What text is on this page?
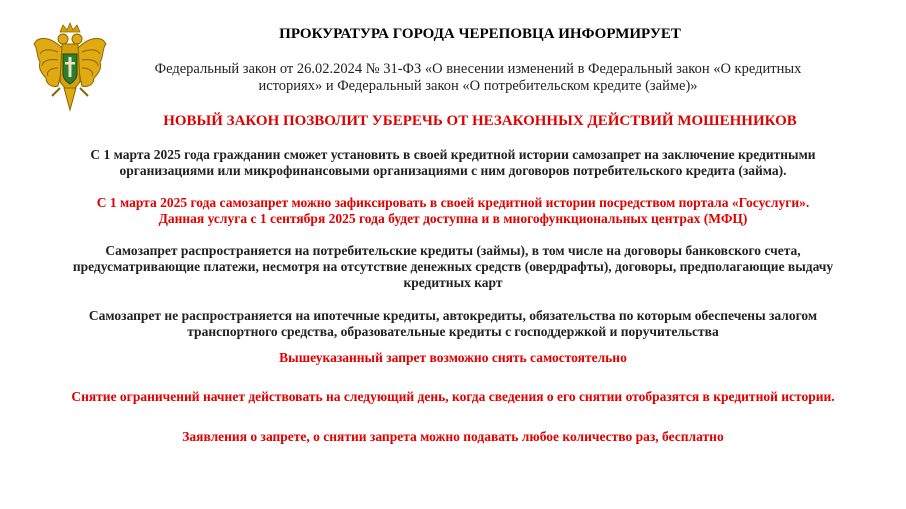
ПРОКУРАТУРА ГОРОДА ЧЕРЕПОВЦА ИНФОРМИРУЕТ
Федеральный закон от 26.02.2024 № 31-ФЗ «О внесении изменений в Федеральный закон «О кредитных
историях» и Федеральный закон «О потребительском кредите (займе)»
НОВЫЙ ЗАКОН ПОЗВОЛИТ УБЕРЕЧЬ ОТ НЕЗАКОННЫХ ДЕЙСТВИЙ МОШЕННИКОВ
С 1 марта 2025 года гражданин сможет установить в своей кредитной истории самозапрет на заключение кредитными
организациями или микрофинансовыми организациями с ним договоров потребительского кредита (займа).
С 1 марта 2025 года самозапрет можно зафиксировать в своей кредитной истории посредством портала «Госуслуги».
Данная услуга с 1 сентября 2025 года будет доступна и в многофункциональных центрах (МФЦ)
Самозапрет распространяется на потребительские кредиты (займы), в том числе на договоры банковского счета,
предусматривающие платежи, несмотря на отсутствие денежных средств (овердрафты), договоры, предполагающие выдачу
кредитных карт
Самозапрет не распространяется на ипотечные кредиты, автокредиты, обязательства по которым обеспечены залогом
транспортного средства, образовательные кредиты с господдержкой и поручительства
Вышеуказанный запрет возможно снять самостоятельно
Снятие ограничений начнет действовать на следующий день, когда сведения о его снятии отобразятся в кредитной истории.
Заявления о запрете, о снятии запрета можно подавать любое количество раз, бесплатно
